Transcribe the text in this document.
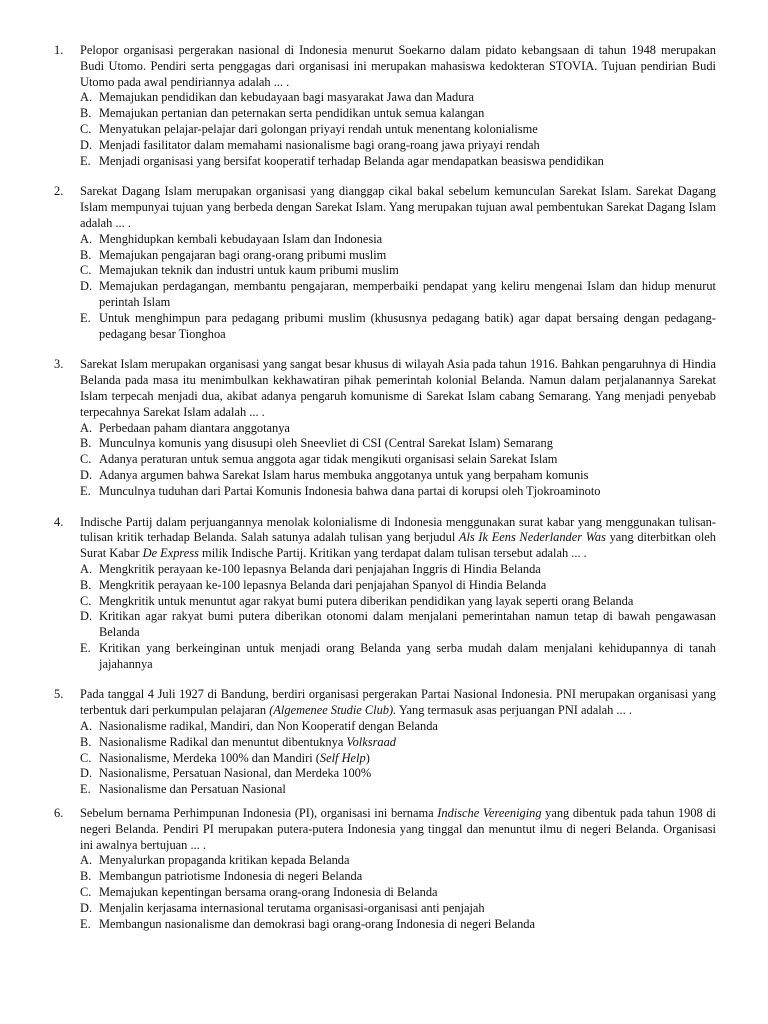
1.	Pelopor organisasi pergerakan nasional di Indonesia menurut Soekarno dalam pidato kebangsaan di tahun 1948 merupakan Budi Utomo. Pendiri serta penggagas dari organisasi ini merupakan mahasiswa kedokteran STOVIA. Tujuan pendirian Budi Utomo pada awal pendiriannya adalah ... .
A. Memajukan pendidikan dan kebudayaan bagi masyarakat Jawa dan Madura
B. Memajukan pertanian dan peternakan serta pendidikan untuk semua kalangan
C. Menyatukan pelajar-pelajar dari golongan priyayi rendah untuk menentang kolonialisme
D. Menjadi fasilitator dalam memahami nasionalisme bagi orang-roang jawa priyayi rendah
E. Menjadi organisasi yang bersifat kooperatif terhadap Belanda agar mendapatkan beasiswa pendidikan
2.	Sarekat Dagang Islam merupakan organisasi yang dianggap cikal bakal sebelum kemunculan Sarekat Islam. Sarekat Dagang Islam mempunyai tujuan yang berbeda dengan Sarekat Islam. Yang merupakan tujuan awal pembentukan Sarekat Dagang Islam adalah ... .
A. Menghidupkan kembali kebudayaan Islam dan Indonesia
B. Memajukan pengajaran bagi orang-orang pribumi muslim
C. Memajukan teknik dan industri untuk kaum pribumi muslim
D. Memajukan perdagangan, membantu pengajaran, memperbaiki pendapat yang keliru mengenai Islam dan hidup menurut perintah Islam
E. Untuk menghimpun para pedagang pribumi muslim (khususnya pedagang batik) agar dapat bersaing dengan pedagang-pedagang besar Tionghoa
3.	Sarekat Islam merupakan organisasi yang sangat besar khusus di wilayah Asia pada tahun 1916. Bahkan pengaruhnya di Hindia Belanda pada masa itu menimbulkan kekhawatiran pihak pemerintah kolonial Belanda. Namun dalam perjalanannya Sarekat Islam terpecah menjadi dua, akibat adanya pengaruh komunisme di Sarekat Islam cabang Semarang. Yang menjadi penyebab terpecahnya Sarekat Islam adalah ... .
A. Perbedaan paham diantara anggotanya
B. Munculnya komunis yang disusupi oleh Sneevliet di CSI (Central Sarekat Islam) Semarang
C. Adanya peraturan untuk semua anggota agar tidak mengikuti organisasi selain Sarekat Islam
D. Adanya argumen bahwa Sarekat Islam harus membuka anggotanya untuk yang berpaham komunis
E. Munculnya tuduhan dari Partai Komunis Indonesia bahwa dana partai di korupsi oleh Tjokroaminoto
4.	Indische Partij dalam perjuangannya menolak kolonialisme di Indonesia menggunakan surat kabar yang menggunakan tulisan-tulisan kritik terhadap Belanda. Salah satunya adalah tulisan yang berjudul Als Ik Eens Nederlander Was yang diterbitkan oleh Surat Kabar De Express milik Indische Partij. Kritikan yang terdapat dalam tulisan tersebut adalah ... .
A. Mengkritik perayaan ke-100 lepasnya Belanda dari penjajahan Inggris di Hindia Belanda
B. Mengkritik perayaan ke-100 lepasnya Belanda dari penjajahan Spanyol di Hindia Belanda
C. Mengkritik untuk menuntut agar rakyat bumi putera diberikan pendidikan yang layak seperti orang Belanda
D. Kritikan agar rakyat bumi putera diberikan otonomi dalam menjalani pemerintahan namun tetap di bawah pengawasan Belanda
E. Kritikan yang berkeinginan untuk menjadi orang Belanda yang serba mudah dalam menjalani kehidupannya di tanah jajahannya
5.	Pada tanggal 4 Juli 1927 di Bandung, berdiri organisasi pergerakan Partai Nasional Indonesia. PNI merupakan organisasi yang terbentuk dari perkumpulan pelajaran (Algemenee Studie Club). Yang termasuk asas perjuangan PNI adalah ... .
A. Nasionalisme radikal, Mandiri, dan Non Kooperatif dengan Belanda
B. Nasionalisme Radikal dan menuntut dibentuknya Volksraad
C. Nasionalisme, Merdeka 100% dan Mandiri (Self Help)
D. Nasionalisme, Persatuan Nasional, dan Merdeka 100%
E. Nasionalisme dan Persatuan Nasional
6.	Sebelum bernama Perhimpunan Indonesia (PI), organisasi ini bernama Indische Vereeniging yang dibentuk pada tahun 1908 di negeri Belanda. Pendiri PI merupakan putera-putera Indonesia yang tinggal dan menuntut ilmu di negeri Belanda. Organisasi ini awalnya bertujuan ... .
A. Menyalurkan propaganda kritikan kepada Belanda
B. Membangun patriotisme Indonesia di negeri Belanda
C. Memajukan kepentingan bersama orang-orang Indonesia di Belanda
D. Menjalin kerjasama internasional terutama organisasi-organisasi anti penjajah
E. Membangun nasionalisme dan demokrasi bagi orang-orang Indonesia di negeri Belanda
